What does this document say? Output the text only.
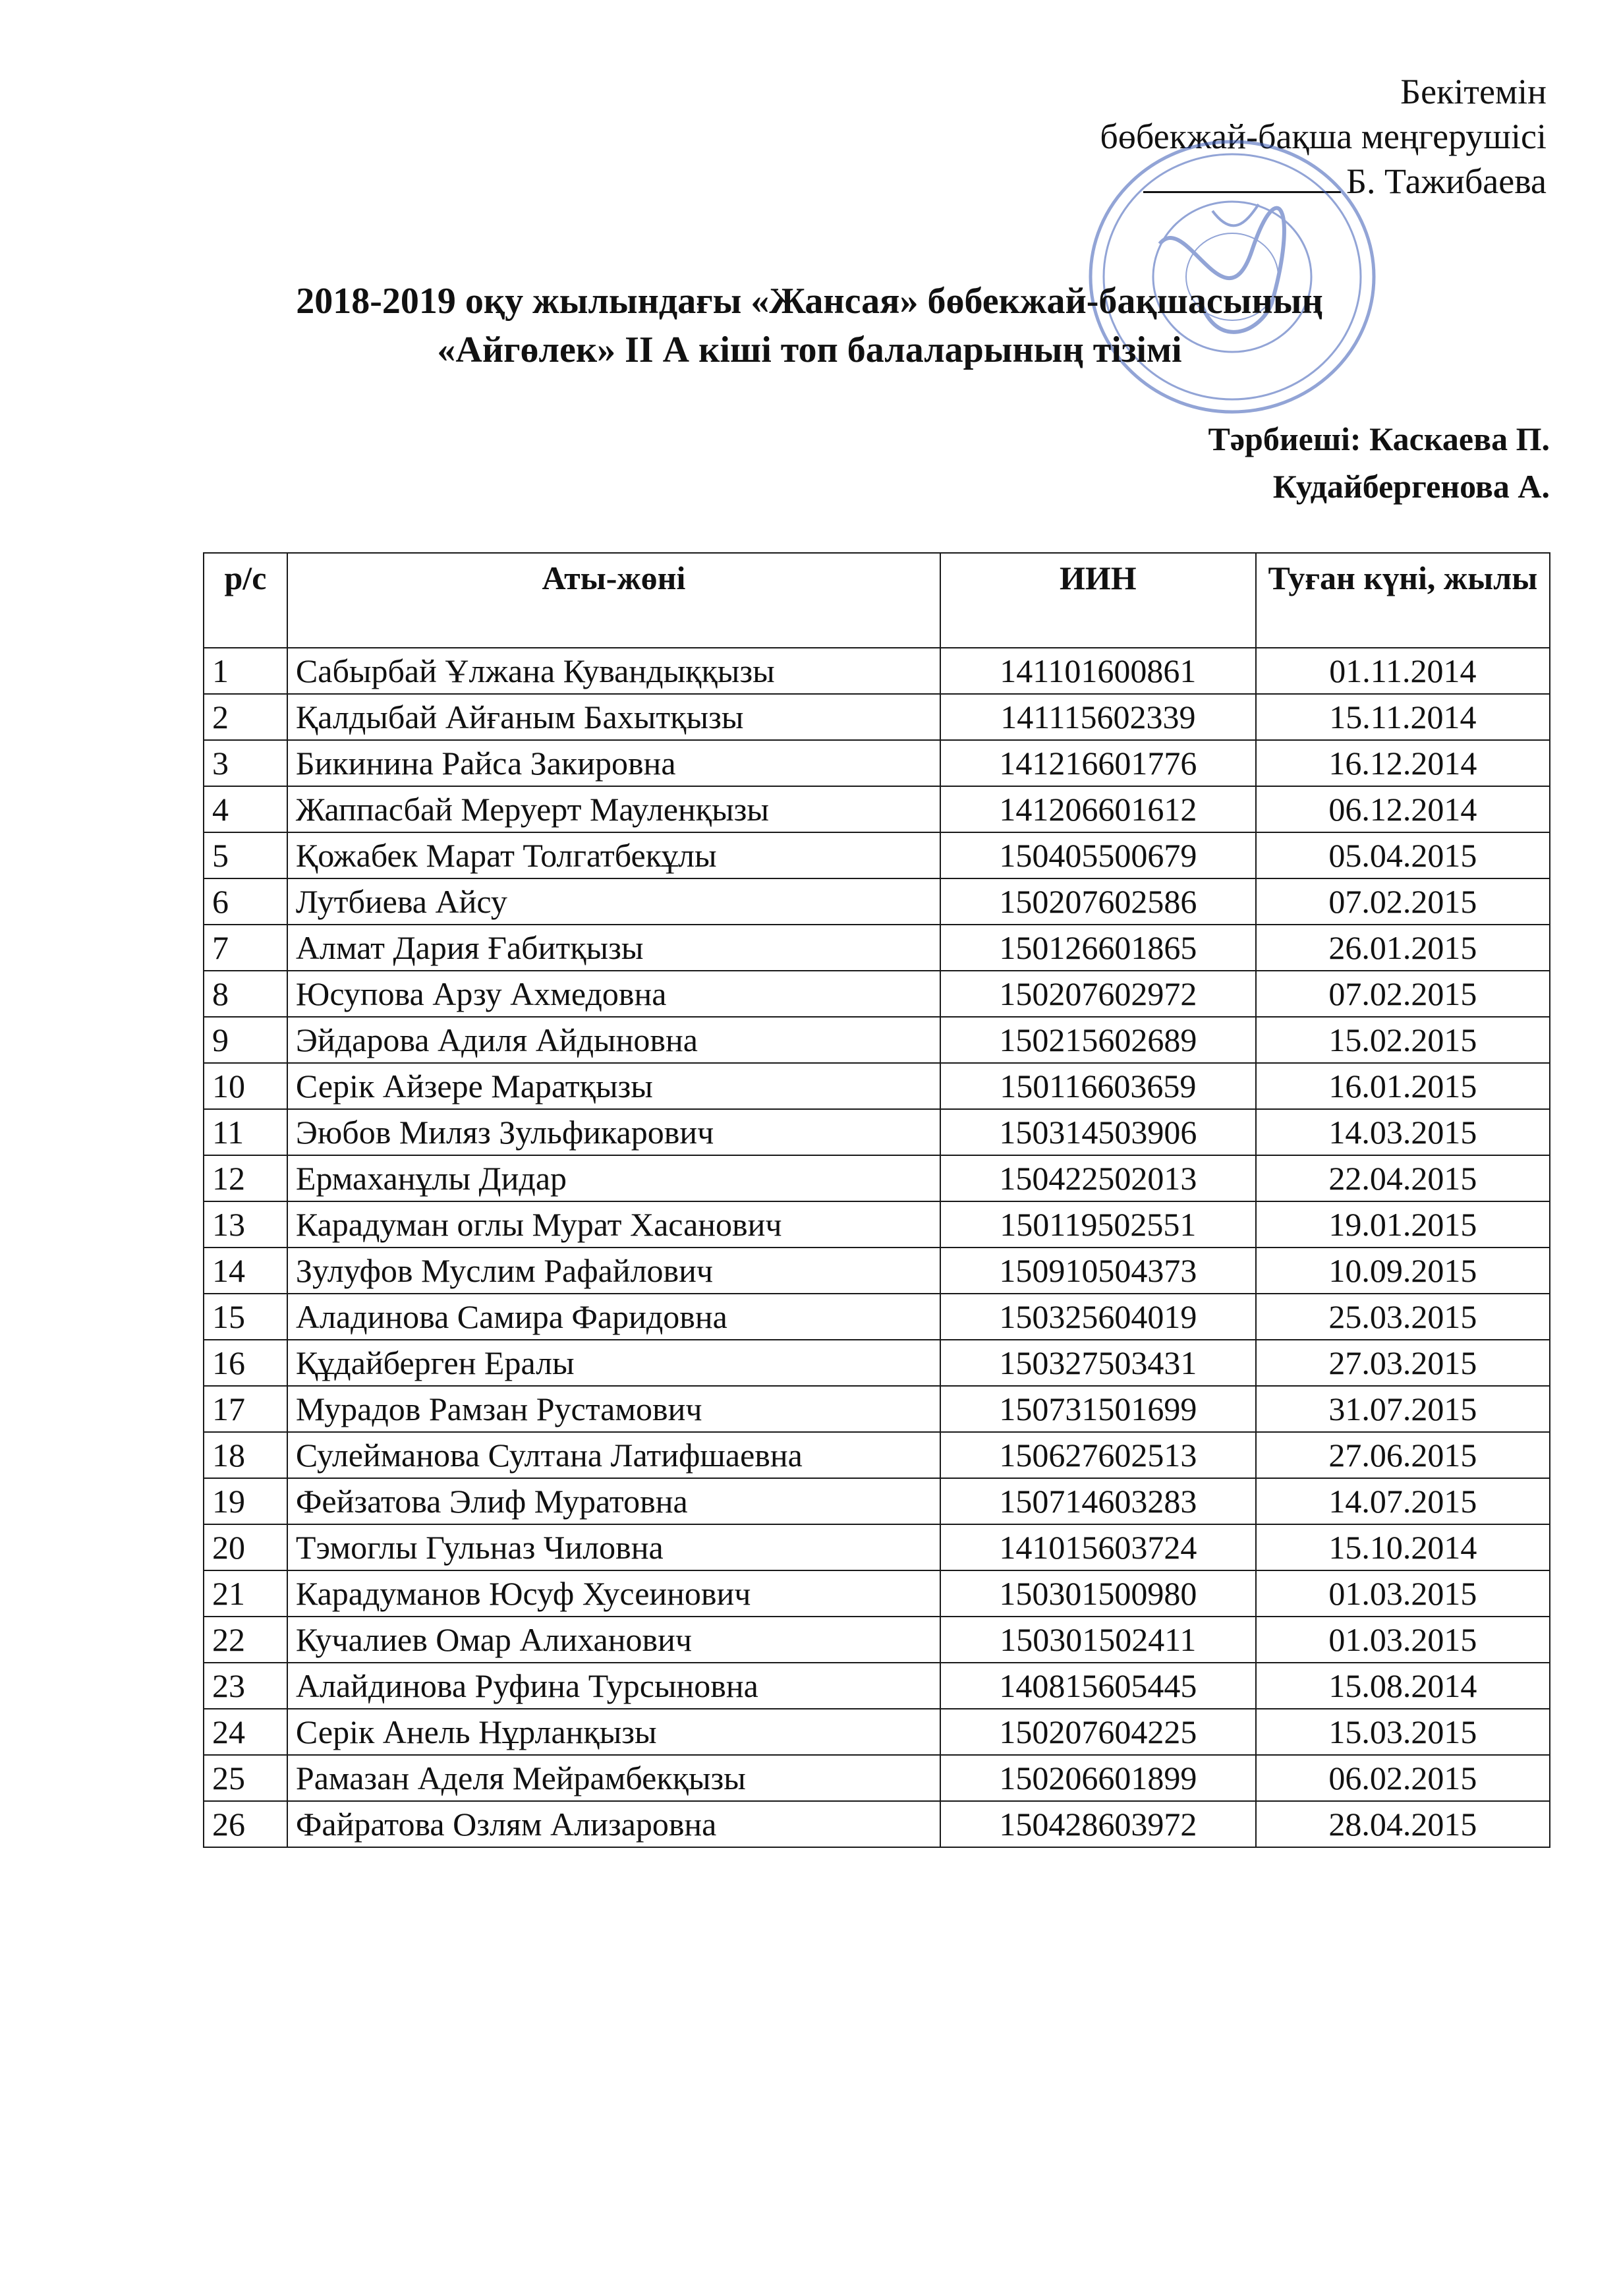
Бекітемін
бөбекжай-бақша меңгерушісі
Б. Тажибаева
2018-2019 оқу жылындағы «Жансая» бөбекжай-бақшасының
«Айгөлек» II А кіші топ балаларының тізімі
Тәрбиеші: Каскаева П.
Кудайбергенова А.
р/с	Аты-жөні	ИИН	Туған күні, жылы
1	Сабырбай Ұлжана Кувандыққызы	141101600861	01.11.2014
2	Қалдыбай Айғаным Бахытқызы	141115602339	15.11.2014
3	Бикинина Райса Закировна	141216601776	16.12.2014
4	Жаппасбай Меруерт Мауленқызы	141206601612	06.12.2014
5	Қожабек Марат Толгатбекұлы	150405500679	05.04.2015
6	Лутбиева Айсу	150207602586	07.02.2015
7	Алмат Дария Ғабитқызы	150126601865	26.01.2015
8	Юсупова Арзу Ахмедовна	150207602972	07.02.2015
9	Эйдарова Адиля Айдыновна	150215602689	15.02.2015
10	Серік Айзере Маратқызы	150116603659	16.01.2015
11	Эюбов Миляз Зульфикарович	150314503906	14.03.2015
12	Ермаханұлы Дидар	150422502013	22.04.2015
13	Карадуман оглы Мурат Хасанович	150119502551	19.01.2015
14	Зулуфов Муслим Рафайлович	150910504373	10.09.2015
15	Аладинова Самира Фаридовна	150325604019	25.03.2015
16	Құдайберген Ералы	150327503431	27.03.2015
17	Мурадов Рамзан Рустамович	150731501699	31.07.2015
18	Сулейманова Султана Латифшаевна	150627602513	27.06.2015
19	Фейзатова Элиф Муратовна	150714603283	14.07.2015
20	Тэмоглы Гульназ Чиловна	141015603724	15.10.2014
21	Карадуманов Юсуф Хусеинович	150301500980	01.03.2015
22	Кучалиев Омар Алиханович	150301502411	01.03.2015
23	Алайдинова Руфина Турсыновна	140815605445	15.08.2014
24	Серік Анель Нұрланқызы	150207604225	15.03.2015
25	Рамазан Аделя Мейрамбекқызы	150206601899	06.02.2015
26	Файратова Озлям Ализаровна	150428603972	28.04.2015
